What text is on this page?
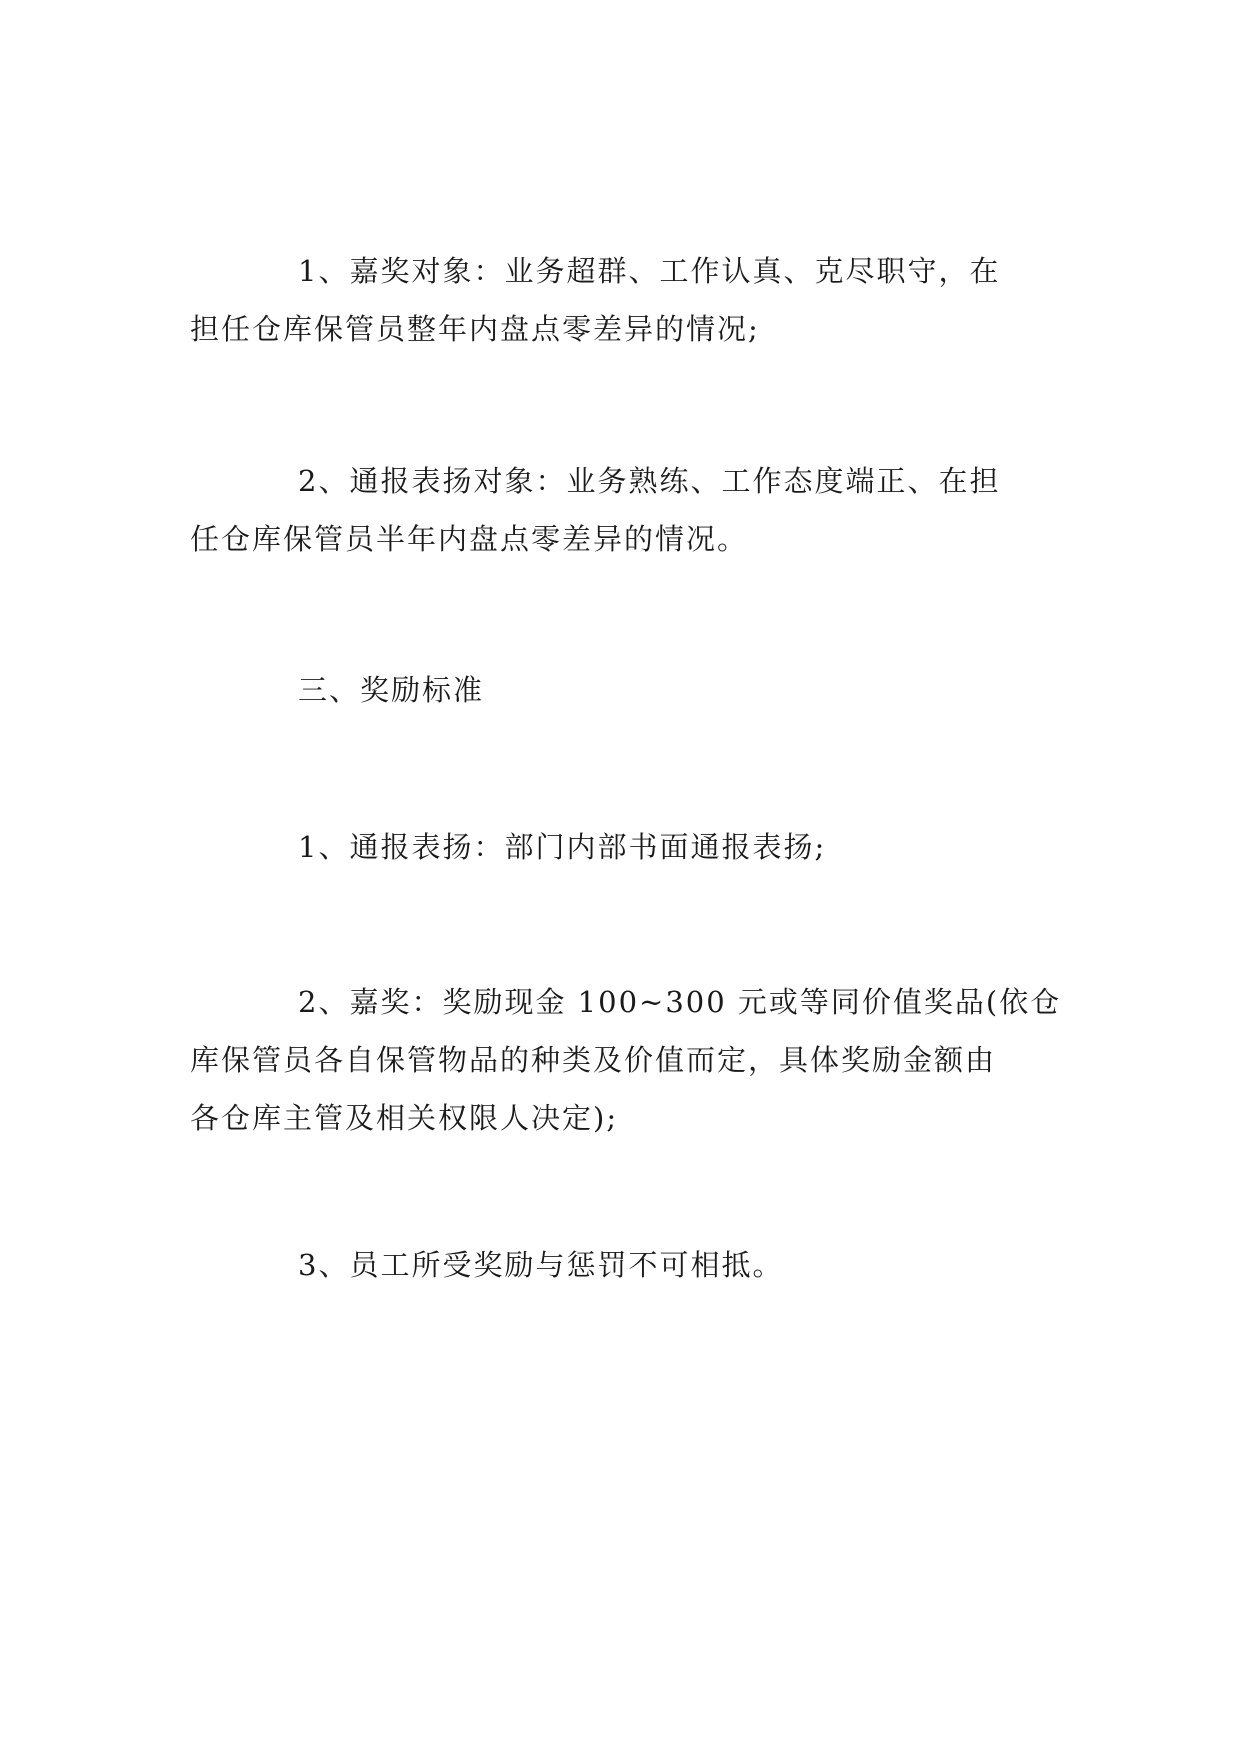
1、嘉奖对象：业务超群、工作认真、克尽职守，在
担任仓库保管员整年内盘点零差异的情况;
2、通报表扬对象：业务熟练、工作态度端正、在担
任仓库保管员半年内盘点零差异的情况。
三、奖励标准
1、通报表扬：部门内部书面通报表扬;
2、嘉奖：奖励现金 100~300 元或等同价值奖品(依仓
库保管员各自保管物品的种类及价值而定，具体奖励金额由
各仓库主管及相关权限人决定);
3、员工所受奖励与惩罚不可相抵。
